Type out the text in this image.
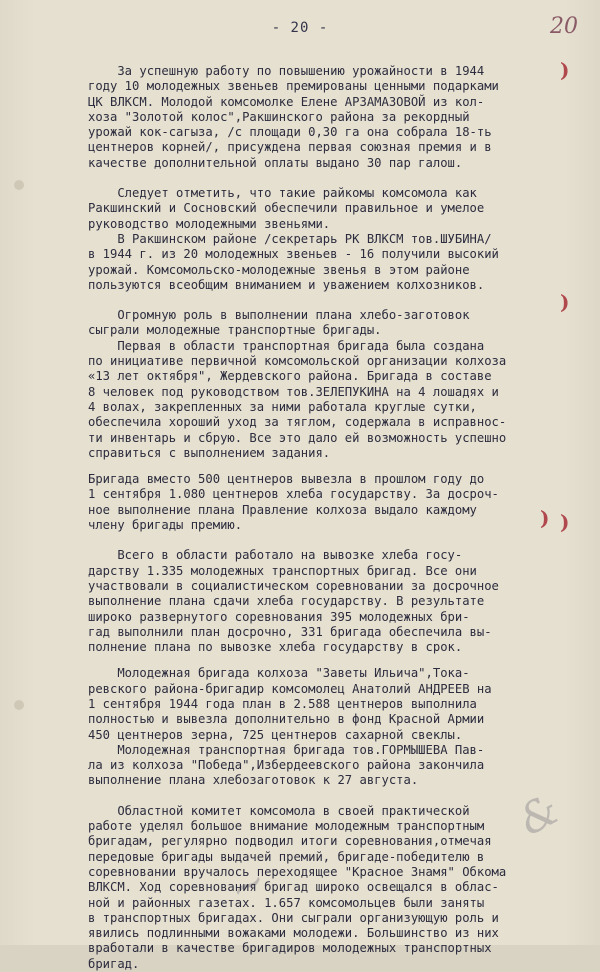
- 20 -	20
)
)
) )
&
~

За успешную работу по повышению урожайности в 1944
году 10 молодежных звеньев премированы ценными подарками
ЦК ВЛКСМ. Молодой комсомолке Елене АРЗАМАЗОВОЙ из кол-
хоза "Золотой колос",Ракшинского района за рекордный
урожай кок-сагыза, /с площади 0,30 га она собрала 18-ть
центнеров корней/, присуждена первая союзная премия и в
качестве дополнительной оплаты выдано 30 пар галош.

Следует отметить, что такие райкомы комсомола как
Ракшинский и Сосновский обеспечили правильное и умелое
руководство молодежными звеньями.

В Ракшинском районе /секретарь РК ВЛКСМ тов.ШУБИНА/
в 1944 г. из 20 молодежных звеньев - 16 получили высокий
урожай. Комсомольско-молодежные звенья в этом районе
пользуются всеобщим вниманием и уважением колхозников.

Огромную роль в выполнении плана хлебо-заготовок
сыграли молодежные транспортные бригады.

Первая в области транспортная бригада была создана
по инициативе первичной комсомольской организации колхоза
«13 лет октября", Жердевского района. Бригада в составе
8 человек под руководством тов.ЗЕЛЕПУКИНА на 4 лошадях и
4 волах, закрепленных за ними работала круглые сутки,
обеспечила хороший уход за тяглом, содержала в исправнос-
ти инвентарь и сбрую. Все это дало ей возможность успешно
справиться с выполнением задания.

Бригада вместо 500 центнеров вывезла в прошлом году до
1 сентября 1.080 центнеров хлеба государству. За досроч-
ное выполнение плана Правление колхоза выдало каждому
члену бригады премию.

Всего в области работало на вывозке хлеба госу-
дарству 1.335 молодежных транспортных бригад. Все они
участвовали в социалистическом соревновании за досрочное
выполнение плана сдачи хлеба государству. В результате
широко развернутого соревнования 395 молодежных бри-
гад выполнили план досрочно, 331 бригада обеспечила вы-
полнение плана по вывозке хлеба государству в срок.

Молодежная бригада колхоза "Заветы Ильича",Тока-
ревского района-бригадир комсомолец Анатолий АНДРЕЕВ на
1 сентября 1944 года план в 2.588 центнеров выполнила
полностью и вывезла дополнительно в фонд Красной Армии
450 центнеров зерна, 725 центнеров сахарной свеклы.
Молодежная транспортная бригада тов.ГОРМЫШЕВА Пав-
ла из колхоза "Победа",Избердеевского района закончила
выполнение плана хлебозаготовок к 27 августа.

Областной комитет комсомола в своей практической
работе уделял большое внимание молодежным транспортным
бригадам, регулярно подводил итоги соревнования,отмечая
передовые бригады выдачей премий, бригаде-победителю в
соревновании вручалось переходящее "Красное Знамя" Обкома
ВЛКСМ. Ход соревнования бригад широко освещался в облас-
ной и районных газетах. 1.657 комсомольцев были заняты
в транспортных бригадах. Они сыграли организующую роль и
явились подлинными вожаками молодежи. Большинство из них
вработали в качестве бригадиров молодежных транспортных
бригад.
